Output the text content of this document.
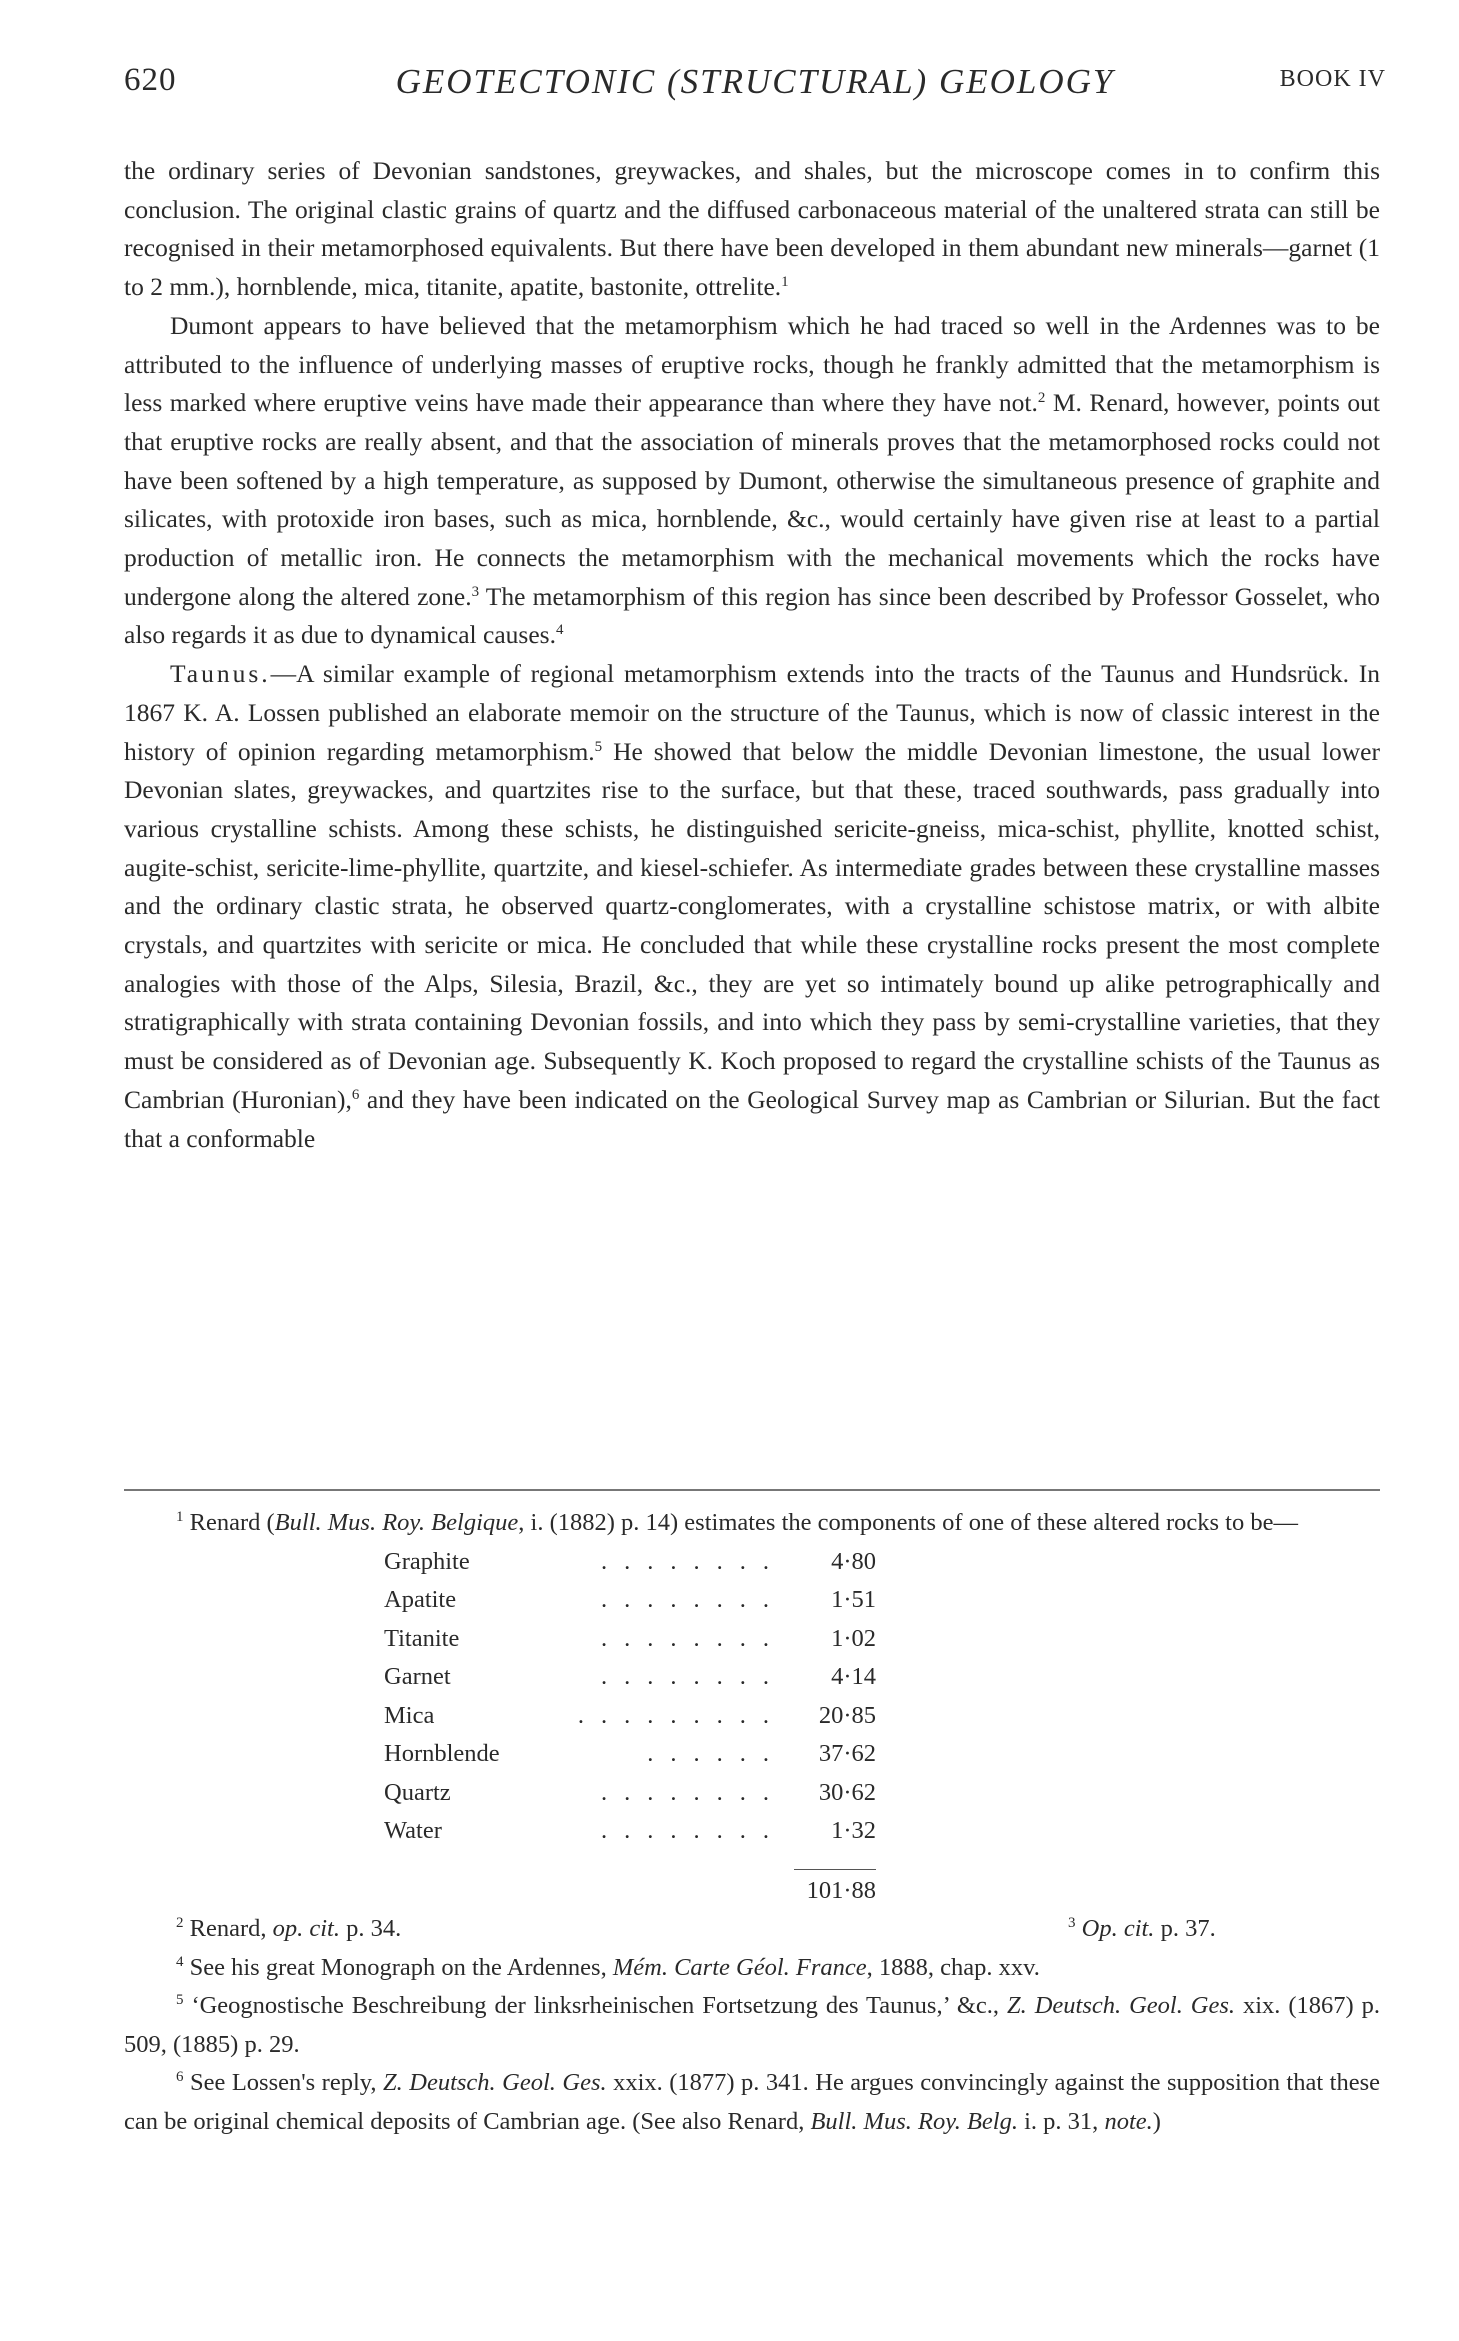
620	GEOTECTONIC (STRUCTURAL) GEOLOGY	BOOK IV

the ordinary series of Devonian sandstones, greywackes, and shales, but the microscope comes in to confirm this conclusion. The original clastic grains of quartz and the diffused carbonaceous material of the unaltered strata can still be recognised in their metamorphosed equivalents. But there have been developed in them abundant new minerals—garnet (1 to 2 mm.), hornblende, mica, titanite, apatite, bastonite, ottrelite.$^1$

Dumont appears to have believed that the metamorphism which he had traced so well in the Ardennes was to be attributed to the influence of underlying masses of eruptive rocks, though he frankly admitted that the metamorphism is less marked where eruptive veins have made their appearance than where they have not.$^2$ M. Renard, however, points out that eruptive rocks are really absent, and that the association of minerals proves that the metamorphosed rocks could not have been softened by a high temperature, as supposed by Dumont, otherwise the simultaneous presence of graphite and silicates, with protoxide iron bases, such as mica, hornblende, &c., would certainly have given rise at least to a partial production of metallic iron. He connects the metamorphism with the mechanical movements which the rocks have undergone along the altered zone.$^3$ The metamorphism of this region has since been described by Professor Gosselet, who also regards it as due to dynamical causes.$^4$

Taunus.—A similar example of regional metamorphism extends into the tracts of the Taunus and Hundsrück. In 1867 K. A. Lossen published an elaborate memoir on the structure of the Taunus, which is now of classic interest in the history of opinion regarding metamorphism.$^5$ He showed that below the middle Devonian limestone, the usual lower Devonian slates, greywackes, and quartzites rise to the surface, but that these, traced southwards, pass gradually into various crystalline schists. Among these schists, he distinguished sericite-gneiss, mica-schist, phyllite, knotted schist, augite-schist, sericite-lime-phyllite, quartzite, and kiesel-schiefer. As intermediate grades between these crystalline masses and the ordinary clastic strata, he observed quartz-conglomerates, with a crystalline schistose matrix, or with albite crystals, and quartzites with sericite or mica. He concluded that while these crystalline rocks present the most complete analogies with those of the Alps, Silesia, Brazil, &c., they are yet so intimately bound up alike petrographically and stratigraphically with strata containing Devonian fossils, and into which they pass by semi-crystalline varieties, that they must be considered as of Devonian age. Subsequently K. Koch proposed to regard the crystalline schists of the Taunus as Cambrian (Huronian),$^6$ and they have been indicated on the Geological Survey map as Cambrian or Silurian. But the fact that a conformable

$^1$ Renard (Bull. Mus. Roy. Belgique, i. (1882) p. 14) estimates the components of one of these altered rocks to be—

Graphite	........	4·80
Apatite	........	1·51
Titanite	........	1·02
Garnet	........	4·14
Mica	.........	20·85
Hornblende	......	37·62
Quartz	........	30·62
Water	........	1·32
101·88
$^2$ Renard, op. cit. p. 34.	$^3$ Op. cit. p. 37.

$^4$ See his great Monograph on the Ardennes, Mém. Carte Géol. France, 1888, chap. xxv.

$^5$ ‘Geognostische Beschreibung der linksrheinischen Fortsetzung des Taunus,’ &c., Z. Deutsch. Geol. Ges. xix. (1867) p. 509, (1885) p. 29.

$^6$ See Lossen's reply, Z. Deutsch. Geol. Ges. xxix. (1877) p. 341. He argues convincingly against the supposition that these can be original chemical deposits of Cambrian age. (See also Renard, Bull. Mus. Roy. Belg. i. p. 31, note.)
